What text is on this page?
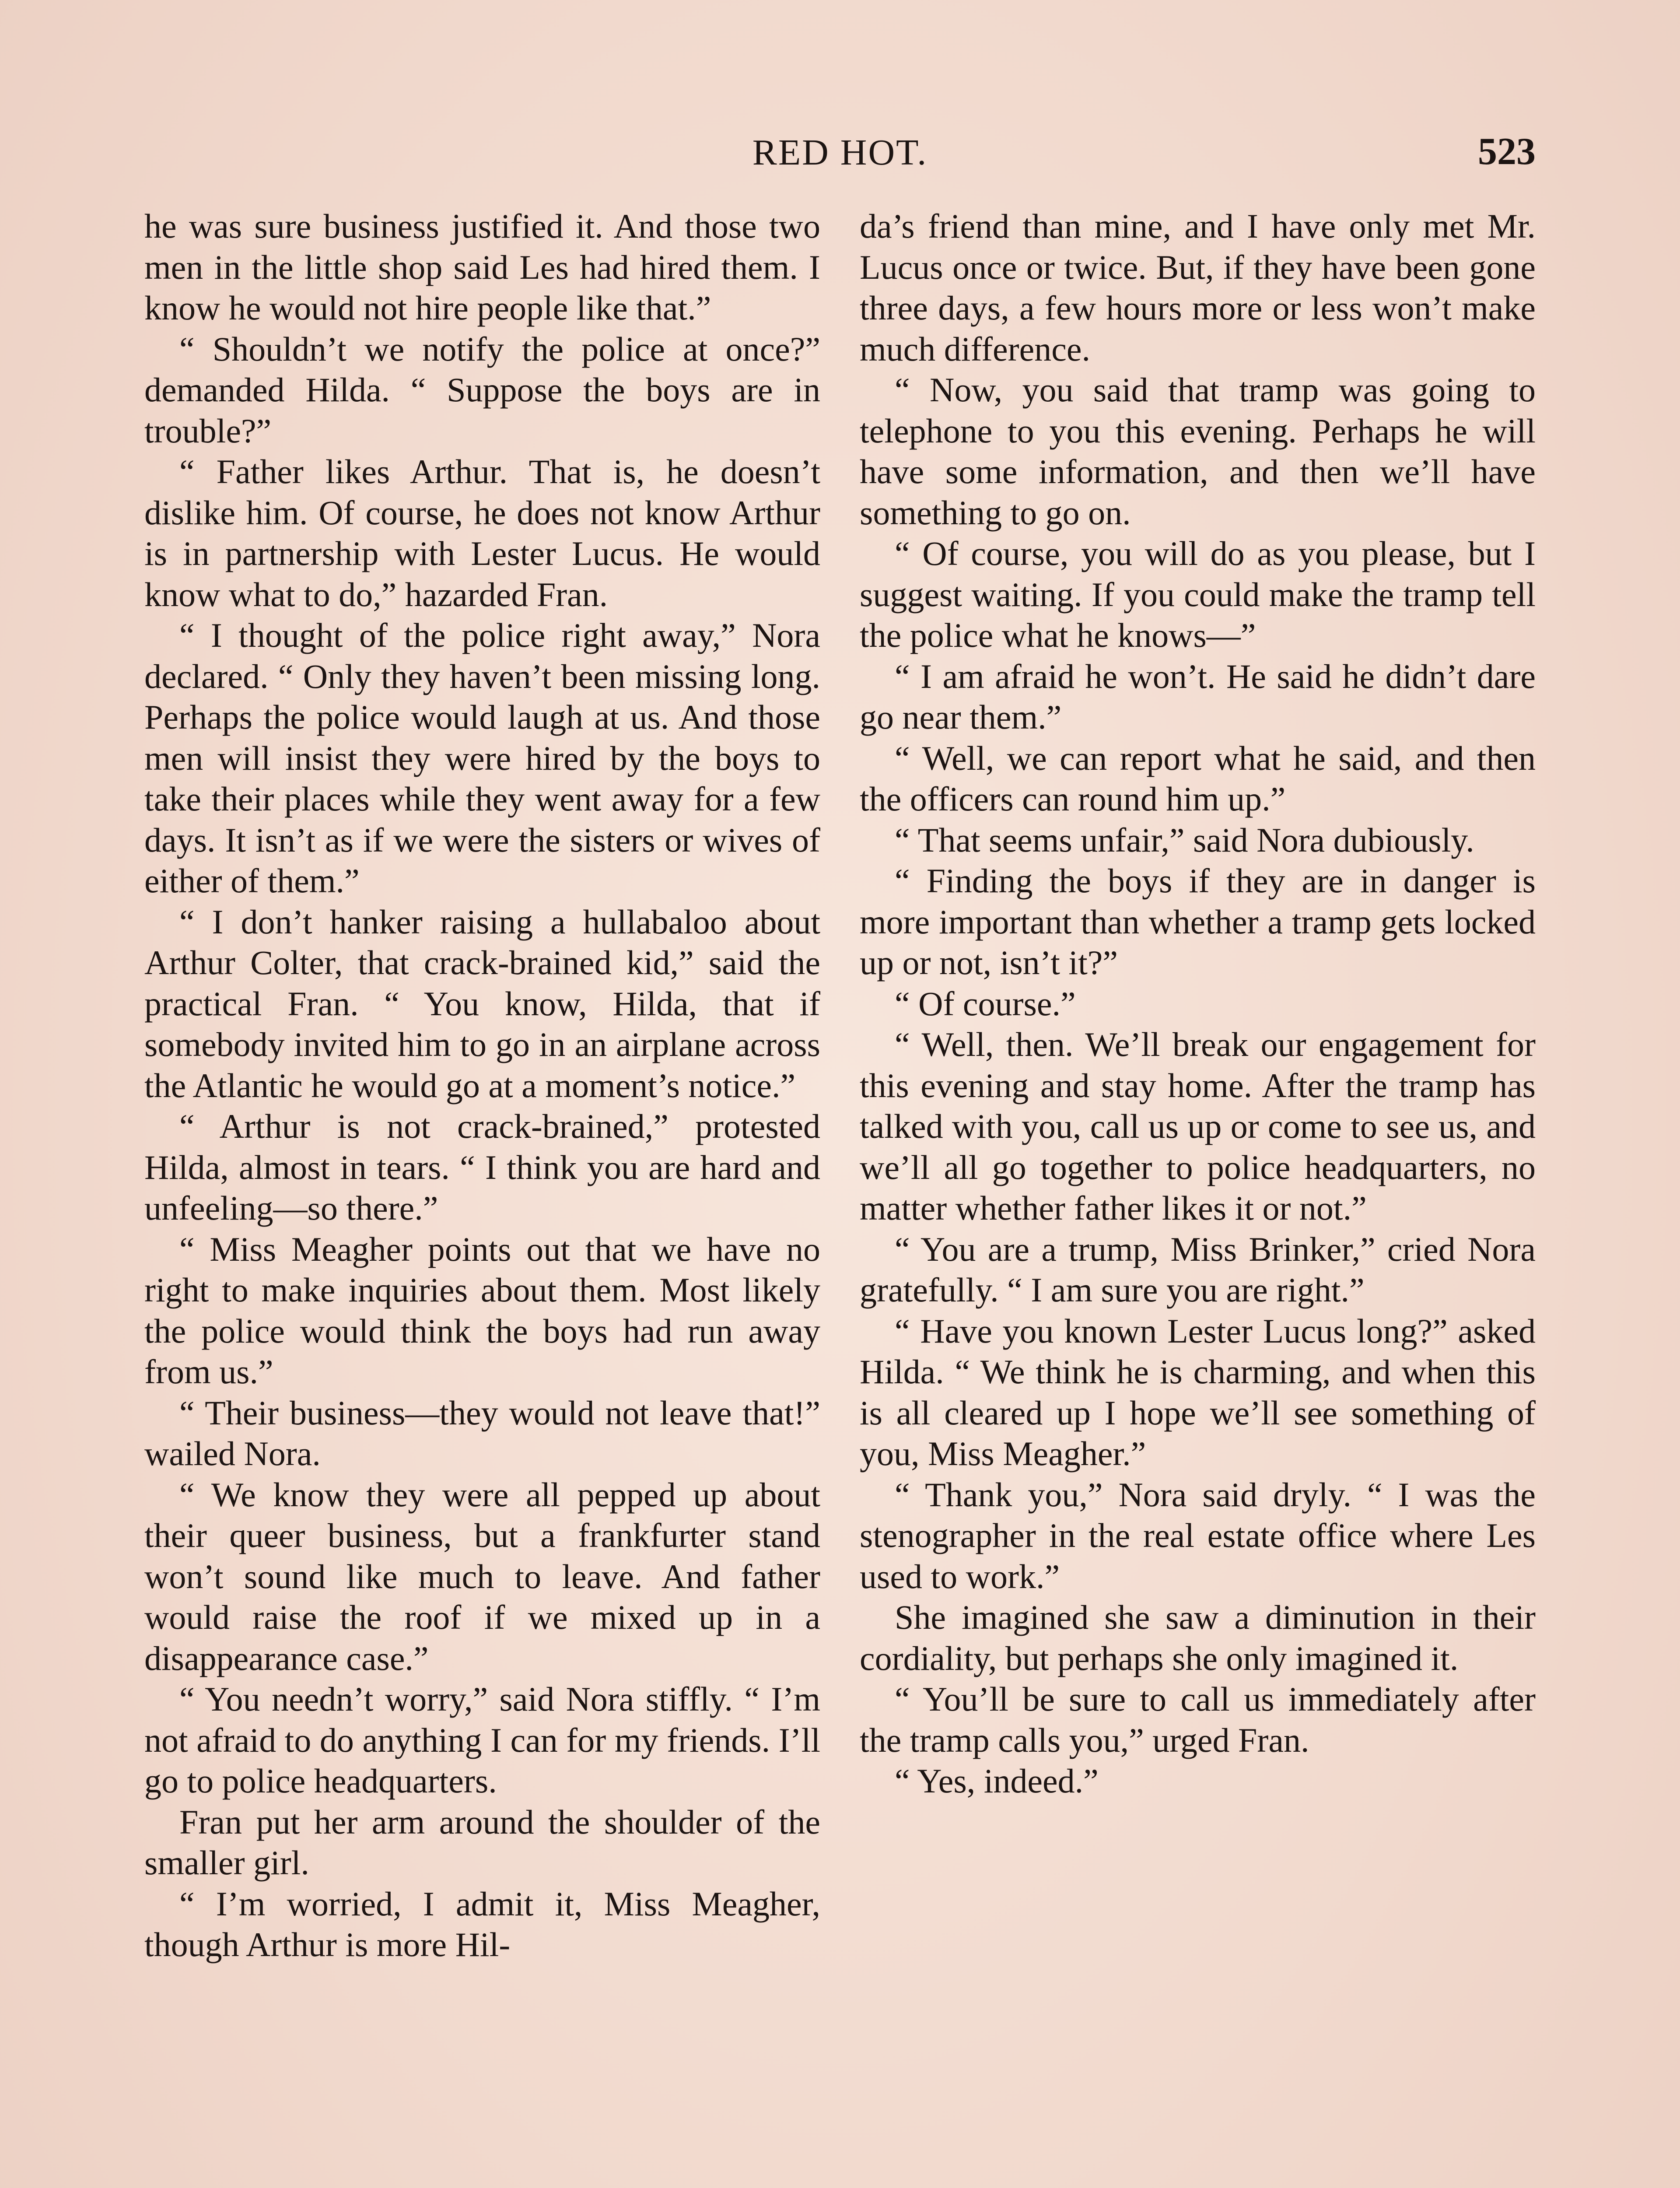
RED HOT.	523

he was sure business justified it. And those two men in the little shop said Les had hired them. I know he would not hire people like that.”

“ Shouldn’t we notify the police at once?” demanded Hilda. “ Suppose the boys are in trouble?”

“ Father likes Arthur. That is, he doesn’t dislike him. Of course, he does not know Arthur is in partnership with Lester Lucus. He would know what to do,” hazarded Fran.

“ I thought of the police right away,” Nora declared. “ Only they haven’t been missing long. Perhaps the police would laugh at us. And those men will insist they were hired by the boys to take their places while they went away for a few days. It isn’t as if we were the sisters or wives of either of them.”

“ I don’t hanker raising a hullabaloo about Arthur Colter, that crack-brained kid,” said the practical Fran. “ You know, Hilda, that if somebody invited him to go in an airplane across the Atlantic he would go at a moment’s notice.”

“ Arthur is not crack-brained,” protested Hilda, almost in tears. “ I think you are hard and unfeeling—so there.”

“ Miss Meagher points out that we have no right to make inquiries about them. Most likely the police would think the boys had run away from us.”

“ Their business—they would not leave that!” wailed Nora.

“ We know they were all pepped up about their queer business, but a frankfurter stand won’t sound like much to leave. And father would raise the roof if we mixed up in a disappearance case.”

“ You needn’t worry,” said Nora stiffly. “ I’m not afraid to do anything I can for my friends. I’ll go to police headquarters.

Fran put her arm around the shoulder of the smaller girl.

“ I’m worried, I admit it, Miss Meagher, though Arthur is more Hil-

da’s friend than mine, and I have only met Mr. Lucus once or twice. But, if they have been gone three days, a few hours more or less won’t make much difference.

“ Now, you said that tramp was going to telephone to you this evening. Perhaps he will have some information, and then we’ll have something to go on.

“ Of course, you will do as you please, but I suggest waiting. If you could make the tramp tell the police what he knows—”

“ I am afraid he won’t. He said he didn’t dare go near them.”

“ Well, we can report what he said, and then the officers can round him up.”

“ That seems unfair,” said Nora dubiously.

“ Finding the boys if they are in danger is more important than whether a tramp gets locked up or not, isn’t it?”

“ Of course.”

“ Well, then. We’ll break our engagement for this evening and stay home. After the tramp has talked with you, call us up or come to see us, and we’ll all go together to police headquarters, no matter whether father likes it or not.”

“ You are a trump, Miss Brinker,” cried Nora gratefully. “ I am sure you are right.”

“ Have you known Lester Lucus long?” asked Hilda. “ We think he is charming, and when this is all cleared up I hope we’ll see something of you, Miss Meagher.”

“ Thank you,” Nora said dryly. “ I was the stenographer in the real estate office where Les used to work.”

She imagined she saw a diminution in their cordiality, but perhaps she only imagined it.

“ You’ll be sure to call us immediately after the tramp calls you,” urged Fran.

“ Yes, indeed.”
